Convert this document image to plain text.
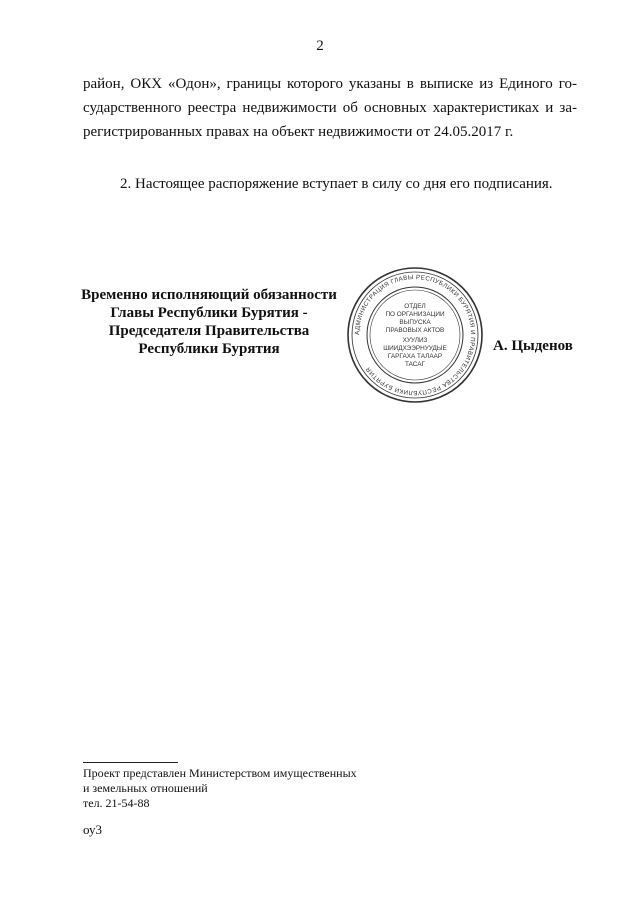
2
район, ОКХ «Одон», границы которого указаны в выписке из Единого го-
сударственного реестра недвижимости об основных характеристиках и за-
регистрированных правах на объект недвижимости от 24.05.2017 г.
2. Настоящее распоряжение вступает в силу со дня его подписания.
Временно исполняющий обязанности
Главы Республики Бурятия -
Председателя Правительства
Республики Бурятия
АДМИНИСТРАЦИЯ ГЛАВЫ РЕСПУБЛИКИ БУРЯТИЯ И ПРАВИТЕЛЬСТВА РЕСПУБЛИКИ БУРЯТИЯ
ОТДЕЛ
ПО ОРГАНИЗАЦИИ
ВЫПУСКА
ПРАВОВЫХ АКТОВ
ХУУЛИЗ
ШИИДХЭЭРНУУДЫЕ
ГАРГАХА ТАЛААР
ТАСАГ
А. Цыденов
Проект представлен Министерством имущественных
и земельных отношений
тел. 21-54-88
оу3
